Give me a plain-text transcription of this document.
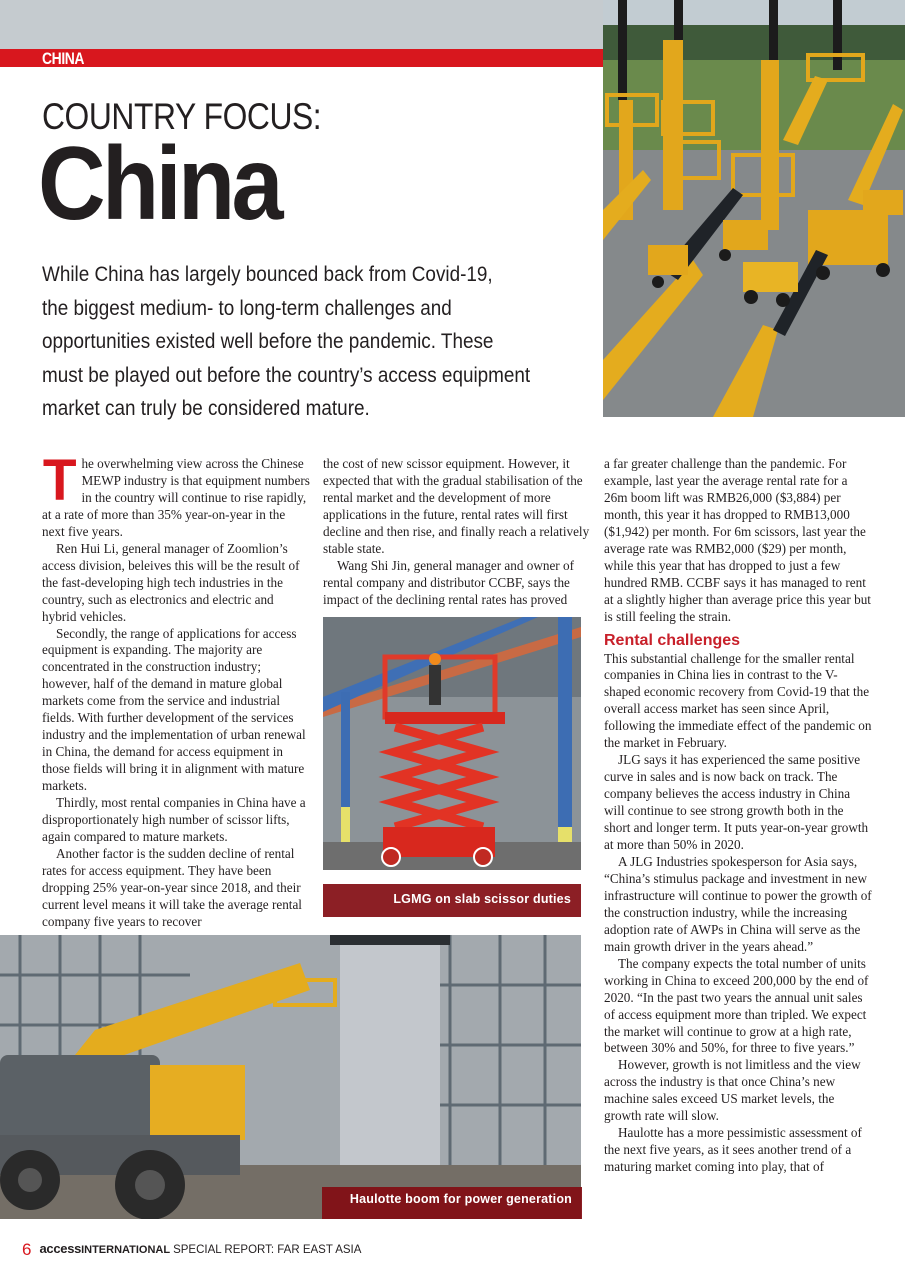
CHINA
COUNTRY FOCUS:
China
While China has largely bounced back from Covid-19,
the biggest medium- to long-term challenges and
opportunities existed well before the pandemic. These
must be played out before the country’s access equipment
market can truly be considered mature.

The overwhelming view across the Chinese MEWP industry is that equipment numbers in the country will continue to rise rapidly, at a rate of more than 35% year-on-year in the next five years.

Ren Hui Li, general manager of Zoomlion’s access division, beleives this will be the result of the fast-developing high tech industries in the country, such as electronics and electric and hybrid vehicles.

Secondly, the range of applications for access equipment is expanding. The majority are concentrated in the construction industry; however, half of the demand in mature global markets come from the service and industrial fields. With further development of the services industry and the implementation of urban renewal in China, the demand for access equipment in those fields will bring it in alignment with mature markets.

Thirdly, most rental companies in China have a disproportionately high number of scissor lifts, again compared to mature markets.

Another factor is the sudden decline of rental rates for access equipment. They have been dropping 25% year-on-year since 2018, and their current level means it will take the average rental company five years to recover

the cost of new scissor equipment. However, it expected that with the gradual stabilisation of the rental market and the development of more applications in the future, rental rates will first decline and then rise, and finally reach a relatively stable state.

Wang Shi Jin, general manager and owner of rental company and distributor CCBF, says the impact of the declining rental rates has proved

LGMG on slab scissor duties

a far greater challenge than the pandemic. For example, last year the average rental rate for a 26m boom lift was RMB26,000 ($3,884) per month, this year it has dropped to RMB13,000 ($1,942) per month. For 6m scissors, last year the average rate was RMB2,000 ($29) per month, while this year that has dropped to just a few hundred RMB. CCBF says it has managed to rent at a slightly higher than average price this year but is still feeling the strain.

Rental challenges

This substantial challenge for the smaller rental companies in China lies in contrast to the V-shaped economic recovery from Covid-19 that the overall access market has seen since April, following the immediate effect of the pandemic on the market in February.

JLG says it has experienced the same positive curve in sales and is now back on track. The company believes the access industry in China will continue to see strong growth both in the short and longer term. It puts year-on-year growth at more than 50% in 2020.

A JLG Industries spokesperson for Asia says, “China’s stimulus package and investment in new infrastructure will continue to power the growth of the construction industry, while the increasing adoption rate of AWPs in China will serve as the main growth driver in the years ahead.”

The company expects the total number of units working in China to exceed 200,000 by the end of 2020. “In the past two years the annual unit sales of access equipment more than tripled. We expect the market will continue to grow at a high rate, between 30% and 50%, for three to five years.”

However, growth is not limitless and the view across the industry is that once China’s new machine sales exceed US market levels, the growth rate will slow.

Haulotte has a more pessimistic assessment of the next five years, as it sees another trend of a maturing market coming into play, that of

Haulotte boom for power generation
6 accessINTERNATIONAL SPECIAL REPORT: FAR EAST ASIA
